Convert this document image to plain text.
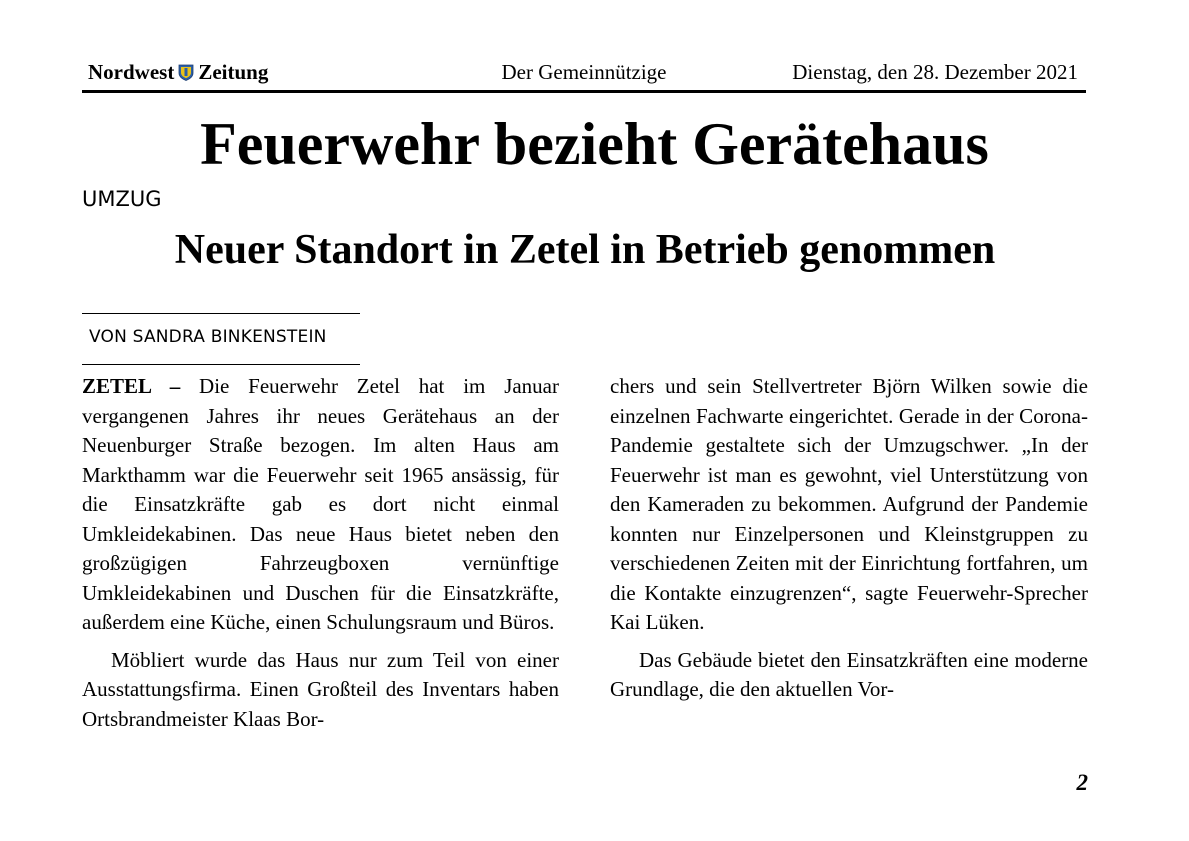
Nordwest Zeitung	Der Gemeinnützige	Dienstag, den 28. Dezember 2021
Feuerwehr bezieht Gerätehaus
UMZUG
Neuer Standort in Zetel in Betrieb genommen
VON SANDRA BINKENSTEIN

ZETEL – Die Feuerwehr Zetel hat im Januar vergangenen Jahres ihr neues Gerätehaus an der Neuenburger Straße bezogen. Im alten Haus am Markthamm war die Feuerwehr seit 1965 ansässig, für die Einsatzkräfte gab es dort nicht einmal Umkleidekabinen. Das neue Haus bietet neben den großzügigen Fahrzeugboxen vernünftige Umkleidekabinen und Duschen für die Einsatzkräfte, außerdem eine Küche, einen Schulungsraum und Büros.

Möbliert wurde das Haus nur zum Teil von einer Ausstattungsfirma. Einen Großteil des Inventars haben Ortsbrandmeister Klaas Bor-

chers und sein Stellvertreter Björn Wilken sowie die einzelnen Fachwarte eingerichtet. Gerade in der Corona-Pandemie gestaltete sich der Umzugschwer. „In der Feuerwehr ist man es gewohnt, viel Unterstützung von den Kameraden zu bekommen. Aufgrund der Pandemie konnten nur Einzelpersonen und Kleinstgruppen zu verschiedenen Zeiten mit der Einrichtung fortfahren, um die Kontakte einzugrenzen“, sagte Feuerwehr-Sprecher Kai Lüken.

Das Gebäude bietet den Einsatzkräften eine moderne Grundlage, die den aktuellen Vor-

2
